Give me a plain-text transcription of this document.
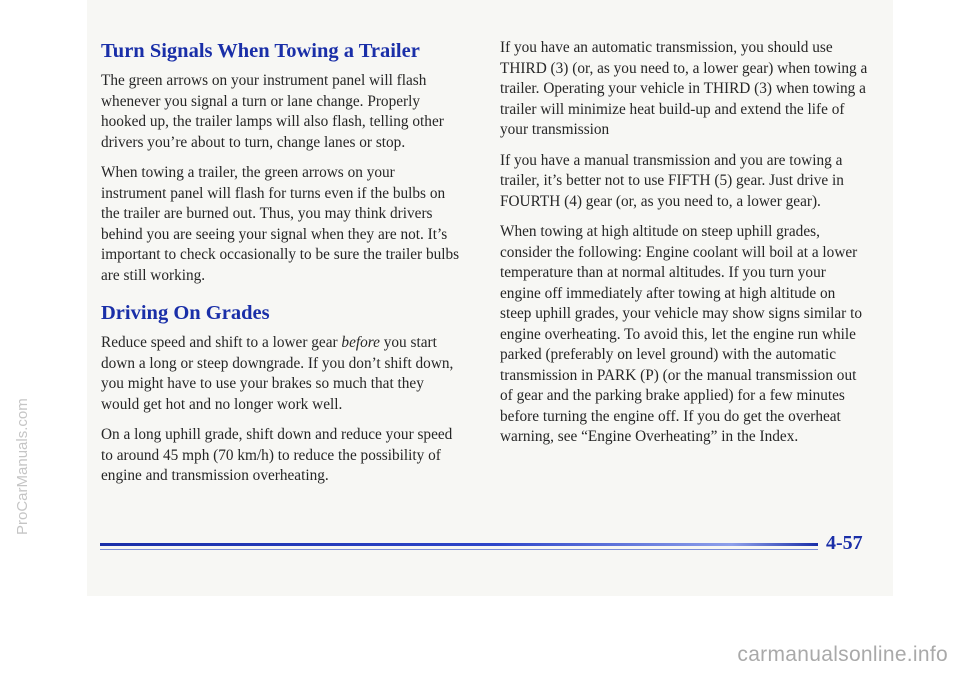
Turn Signals When Towing a Trailer

The green arrows on your instrument panel will flash whenever you signal a turn or lane change. Properly hooked up, the trailer lamps will also flash, telling other drivers you’re about to turn, change lanes or stop.

When towing a trailer, the green arrows on your instrument panel will flash for turns even if the bulbs on the trailer are burned out. Thus, you may think drivers behind you are seeing your signal when they are not. It’s important to check occasionally to be sure the trailer bulbs are still working.

Driving On Grades

Reduce speed and shift to a lower gear before you start down a long or steep downgrade. If you don’t shift down, you might have to use your brakes so much that they would get hot and no longer work well.

On a long uphill grade, shift down and reduce your speed to around 45 mph (70 km/h) to reduce the possibility of engine and transmission overheating.

If you have an automatic transmission, you should use THIRD (3) (or, as you need to, a lower gear) when towing a trailer. Operating your vehicle in THIRD (3) when towing a trailer will minimize heat build-up and extend the life of your transmission

If you have a manual transmission and you are towing a trailer, it’s better not to use FIFTH (5) gear. Just drive in FOURTH (4) gear (or, as you need to, a lower gear).

When towing at high altitude on steep uphill grades, consider the following: Engine coolant will boil at a lower temperature than at normal altitudes. If you turn your engine off immediately after towing at high altitude on steep uphill grades, your vehicle may show signs similar to engine overheating. To avoid this, let the engine run while parked (preferably on level ground) with the automatic transmission in PARK (P) (or the manual transmission out of gear and the parking brake applied) for a few minutes before turning the engine off. If you do get the overheat warning, see “Engine Overheating” in the Index.

4-57
ProCarManuals.com
carmanualsonline.info
